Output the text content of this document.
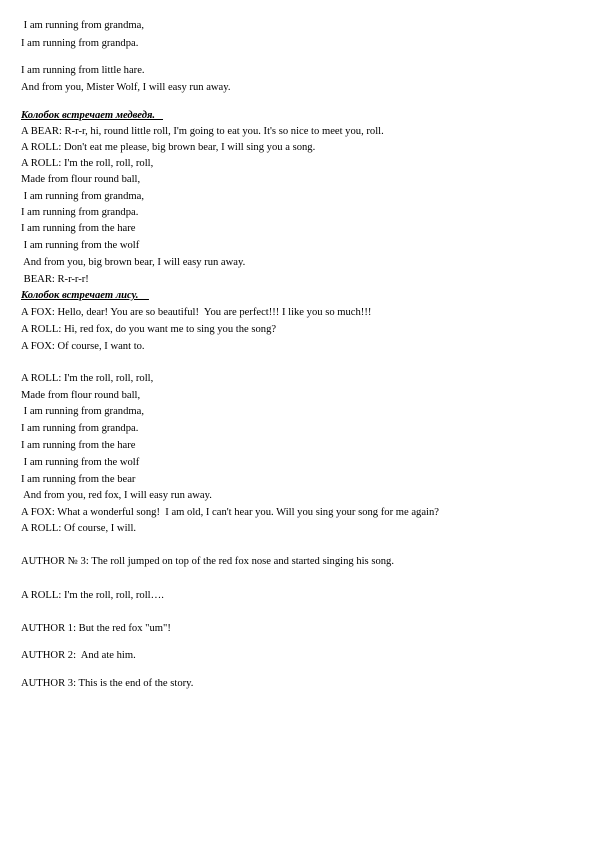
I am running from grandma,
I am running from grandpa.
I am running from little hare.
And from you, Mister Wolf, I will easy run away.
Колобок встречает медведя.
A BEAR: R-r-r, hi, round little roll, I'm going to eat you. It's so nice to meet you, roll.
A ROLL: Don't eat me please, big brown bear, I will sing you a song.
A ROLL: I'm the roll, roll, roll,
Made from flour round ball,
I am running from grandma,
I am running from grandpa.
I am running from the hare
I am running from the wolf
And from you, big brown bear, I will easy run away.
BEAR: R-r-r-r!
Колобок встречает лису.
A FOX: Hello, dear! You are so beautiful!  You are perfect!!! I like you so much!!!
A ROLL: Hi, red fox, do you want me to sing you the song?
A FOX: Of course, I want to.
A ROLL: I'm the roll, roll, roll,
Made from flour round ball,
I am running from grandma,
I am running from grandpa.
I am running from the hare
I am running from the wolf
I am running from the bear
And from you, red fox, I will easy run away.
A FOX: What a wonderful song!  I am old, I can't hear you. Will you sing your song for me again?
A ROLL: Of course, I will.
AUTHOR № 3: The roll jumped on top of the red fox nose and started singing his song.
A ROLL: I'm the roll, roll, roll….
AUTHOR 1: But the red fox "um"!
AUTHOR 2:  And ate him.
AUTHOR 3: This is the end of the story.
